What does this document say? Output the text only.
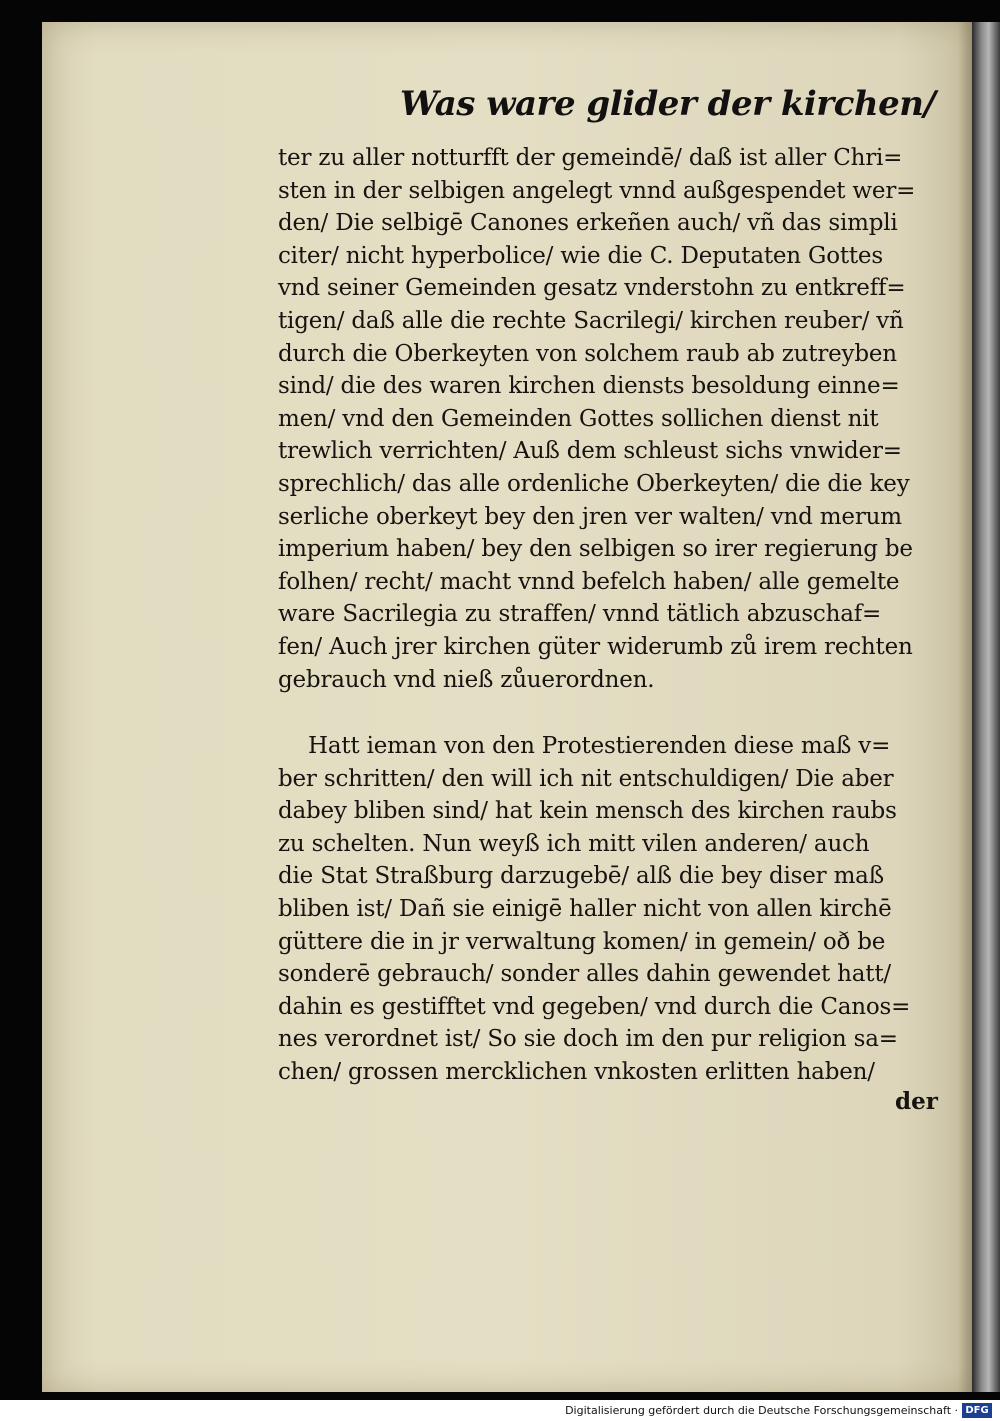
Was ware glider der kirchen/
ter zu aller notturfft der gemeindē/ daß ist aller Chri=
sten in der selbigen angelegt vnnd außgespendet wer=
den/ Die selbigē Canones erkeñen auch/ vñ das simpli
citer/ nicht hyperbolice/ wie die C. Deputaten Gottes
vnd seiner Gemeinden gesatz vnderstohn zu entkreff=
tigen/ daß alle die rechte Sacrilegi/ kirchen reuber/ vñ
durch die Oberkeyten von solchem raub ab zutreyben
sind/ die des waren kirchen diensts besoldung einne=
men/ vnd den Gemeinden Gottes sollichen dienst nit
trewlich verrichten/ Auß dem schleust sichs vnwider=
sprechlich/ das alle ordenliche Oberkeyten/ die die key
serliche oberkeyt bey den jren ver walten/ vnd merum
imperium haben/ bey den selbigen so irer regierung be
folhen/ recht/ macht vnnd befelch haben/ alle gemelte
ware Sacrilegia zu straffen/ vnnd tätlich abzuschaf=
fen/ Auch jrer kirchen güter widerumb zů irem rechten
gebrauch vnd nieß zůuerordnen.
Hatt ieman von den Protestierenden diese maß v=
ber schritten/ den will ich nit entschuldigen/ Die aber
dabey bliben sind/ hat kein mensch des kirchen raubs
zu schelten. Nun weyß ich mitt vilen anderen/ auch
die Stat Straßburg darzugebē/ alß die bey diser maß
bliben ist/ Dañ sie einigē haller nicht von allen kirchē
güttere die in jr verwaltung komen/ in gemein/ oð be
sonderē gebrauch/ sonder alles dahin gewendet hatt/
dahin es gestifftet vnd gegeben/ vnd durch die Canos=
nes verordnet ist/ So sie doch im den pur religion sa=
chen/ grossen mercklichen vnkosten erlitten haben/
der
Digitalisierung gefördert durch die Deutsche Forschungsgemeinschaft · DFG
